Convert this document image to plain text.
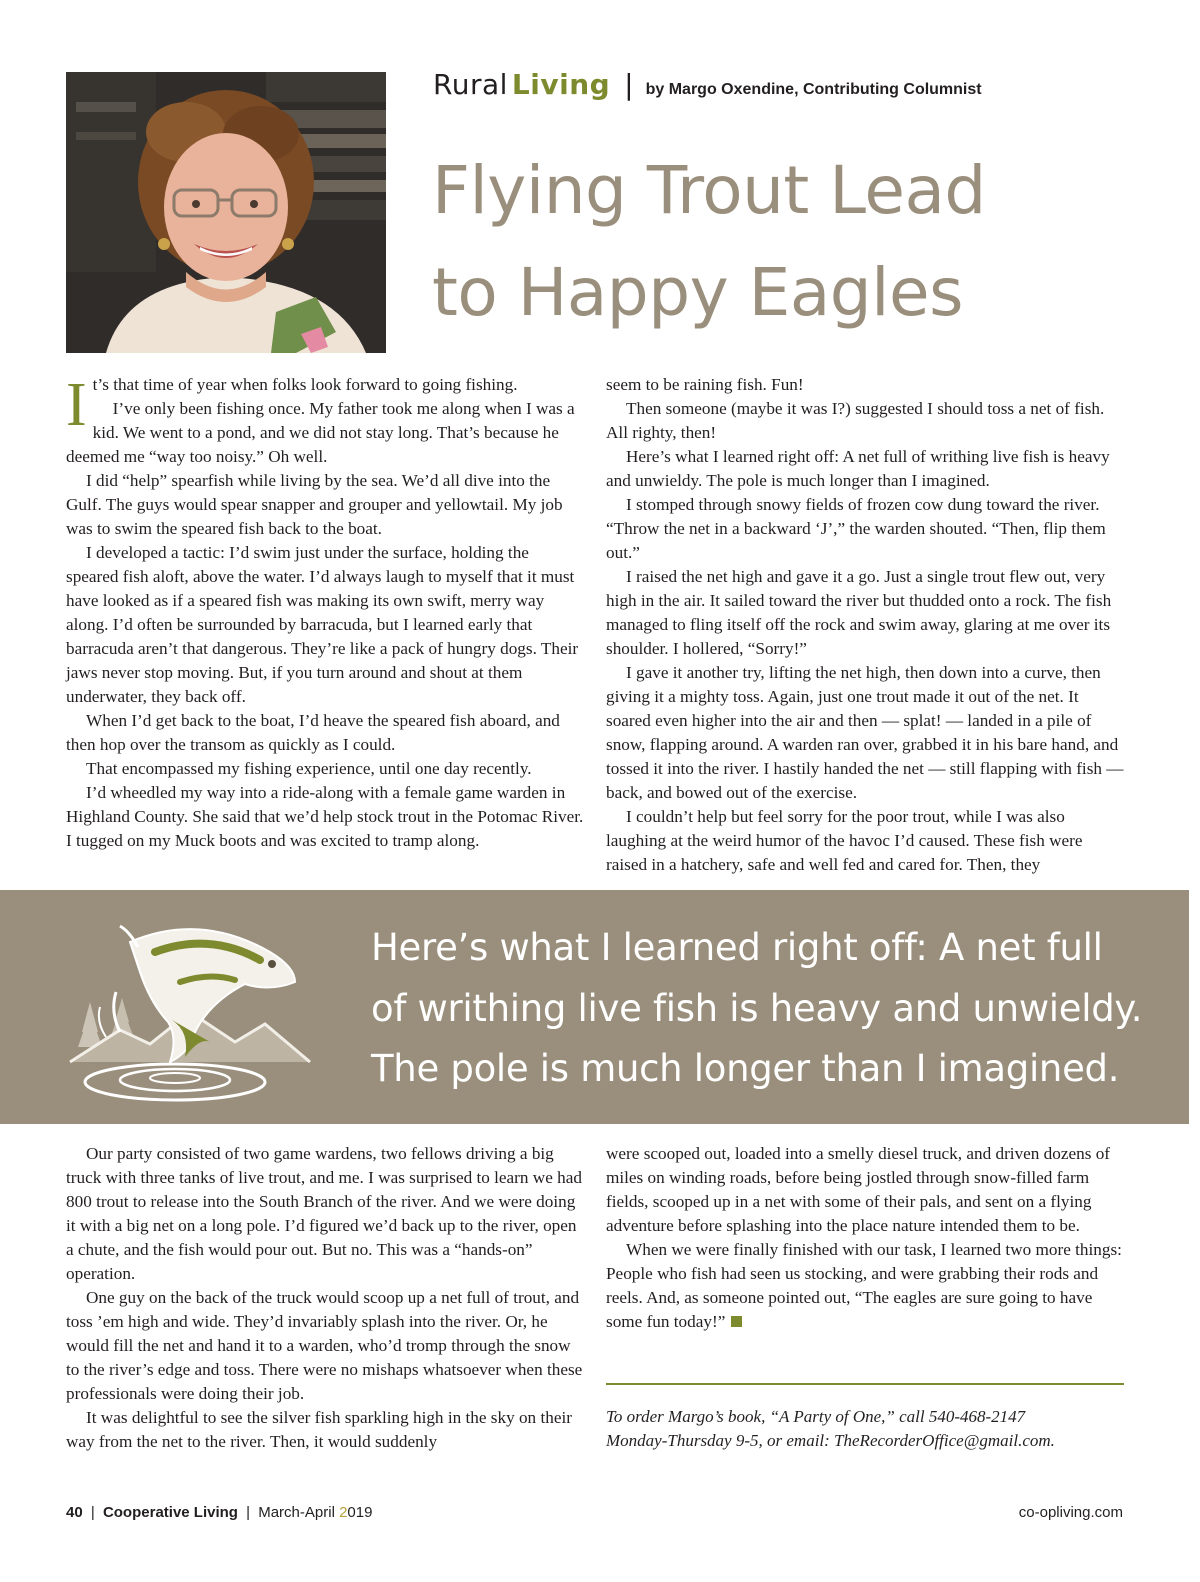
Rural Living | by Margo Oxendine, Contributing Columnist
Flying Trout Lead
to Happy Eagles

It’s that time of year when folks look forward to going fishing.

I’ve only been fishing once. My father took me along when I was a kid. We went to a pond, and we did not stay long. That’s because he deemed me “way too noisy.” Oh well.

I did “help” spearfish while living by the sea. We’d all dive into the Gulf. The guys would spear snapper and grouper and yellowtail. My job was to swim the speared fish back to the boat.

I developed a tactic: I’d swim just under the surface, holding the speared fish aloft, above the water. I’d always laugh to myself that it must have looked as if a speared fish was making its own swift, merry way along. I’d often be surrounded by barracuda, but I learned early that barracuda aren’t that dangerous. They’re like a pack of hungry dogs. Their jaws never stop moving. But, if you turn around and shout at them underwater, they back off.

When I’d get back to the boat, I’d heave the speared fish aboard, and then hop over the transom as quickly as I could.

That encompassed my fishing experience, until one day recently.

I’d wheedled my way into a ride-along with a female game warden in Highland County. She said that we’d help stock trout in the Potomac River. I tugged on my Muck boots and was excited to tramp along.

seem to be raining fish. Fun!

Then someone (maybe it was I?) suggested I should toss a net of fish. All righty, then!

Here’s what I learned right off: A net full of writhing live fish is heavy and unwieldy. The pole is much longer than I imagined.

I stomped through snowy fields of frozen cow dung toward the river. “Throw the net in a backward ‘J’,” the warden shouted. “Then, flip them out.”

I raised the net high and gave it a go. Just a single trout flew out, very high in the air. It sailed toward the river but thudded onto a rock. The fish managed to fling itself off the rock and swim away, glaring at me over its shoulder. I hollered, “Sorry!”

I gave it another try, lifting the net high, then down into a curve, then giving it a mighty toss. Again, just one trout made it out of the net. It soared even higher into the air and then — splat! — landed in a pile of snow, flapping around. A warden ran over, grabbed it in his bare hand, and tossed it into the river. I hastily handed the net — still flapping with fish — back, and bowed out of the exercise.

I couldn’t help but feel sorry for the poor trout, while I was also laughing at the weird humor of the havoc I’d caused. These fish were raised in a hatchery, safe and well fed and cared for. Then, they

Here’s what I learned right off: A net full
of writhing live fish is heavy and unwieldy.
The pole is much longer than I imagined.

Our party consisted of two game wardens, two fellows driving a big truck with three tanks of live trout, and me. I was surprised to learn we had 800 trout to release into the South Branch of the river. And we were doing it with a big net on a long pole. I’d figured we’d back up to the river, open a chute, and the fish would pour out. But no. This was a “hands-on” operation.

One guy on the back of the truck would scoop up a net full of trout, and toss ’em high and wide. They’d invariably splash into the river. Or, he would fill the net and hand it to a warden, who’d tromp through the snow to the river’s edge and toss. There were no mishaps whatsoever when these professionals were doing their job.

It was delightful to see the silver fish sparkling high in the sky on their way from the net to the river. Then, it would suddenly

were scooped out, loaded into a smelly diesel truck, and driven dozens of miles on winding roads, before being jostled through snow-filled farm fields, scooped up in a net with some of their pals, and sent on a flying adventure before splashing into the place nature intended them to be.

When we were finally finished with our task, I learned two more things: People who fish had seen us stocking, and were grabbing their rods and reels. And, as someone pointed out, “The eagles are sure going to have some fun today!”

To order Margo’s book, “A Party of One,” call 540-468-2147
Monday-Thursday 9-5, or email: TheRecorderOffice@gmail.com.
40 | Cooperative Living | March-April 2019	co-opliving.com
